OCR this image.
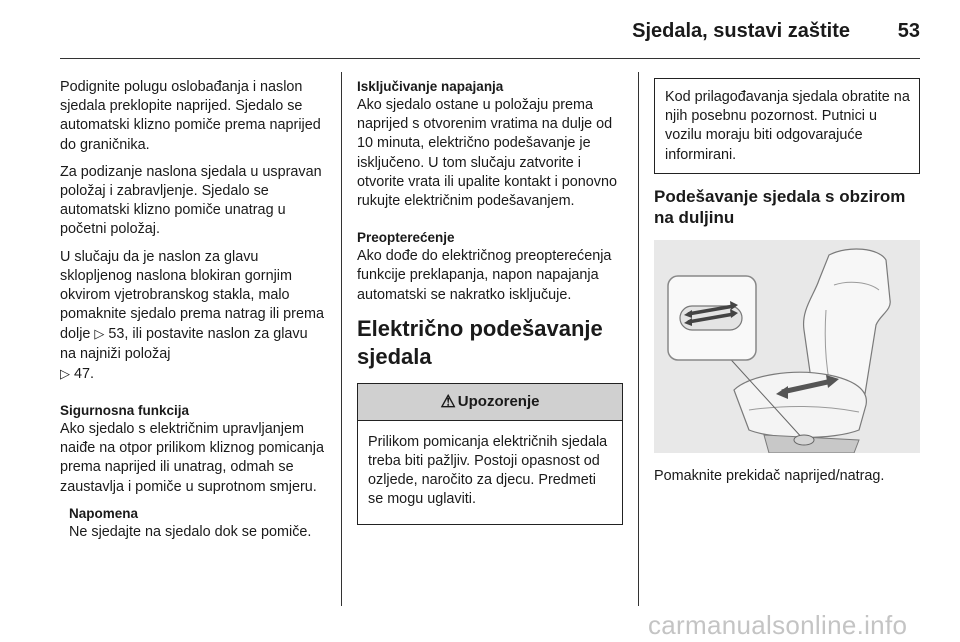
Sjedala, sustavi zaštite	53

Podignite polugu oslobađanja i naslon sjedala preklopite naprijed. Sjedalo se automatski klizno pomiče prema naprijed do graničnika.

Za podizanje naslona sjedala u uspravan položaj i zabravljenje. Sjedalo se automatski klizno pomiče unatrag u početni položaj.

U slučaju da je naslon za glavu sklopljenog naslona blokiran gornjim okvirom vjetrobranskog stakla, malo pomaknite sjedalo prema natrag ili prema dolje ▷ 53, ili postavite naslon za glavu na najniži položaj
▷ 47.

Sigurnosna funkcija

Ako sjedalo s električnim upravljanjem naiđe na otpor prilikom kliznog pomicanja prema naprijed ili unatrag, odmah se zaustavlja i pomiče u suprotnom smjeru.

Napomena

Ne sjedajte na sjedalo dok se pomiče.

Isključivanje napajanja

Ako sjedalo ostane u položaju prema naprijed s otvorenim vratima na dulje od 10 minuta, električno podešavanje je isključeno. U tom slučaju zatvorite i otvorite vrata ili upalite kontakt i ponovno rukujte električnim podešavanjem.

Preopterećenje

Ako dođe do električnog preopterećenja funkcije preklapanja, napon napajanja automatski se nakratko isključuje.

Električno podešavanje sjedala
⚠ Upozorenje

Prilikom pomicanja električnih sjedala treba biti pažljiv. Postoji opasnost od ozljede, naročito za djecu. Predmeti se mogu uglaviti.

Kod prilagođavanja sjedala obratite na njih posebnu pozornost. Putnici u vozilu moraju biti odgovarajuće informirani.

Podešavanje sjedala s obzirom na duljinu

Pomaknite prekidač naprijed/natrag.

carmanualsonline.info
